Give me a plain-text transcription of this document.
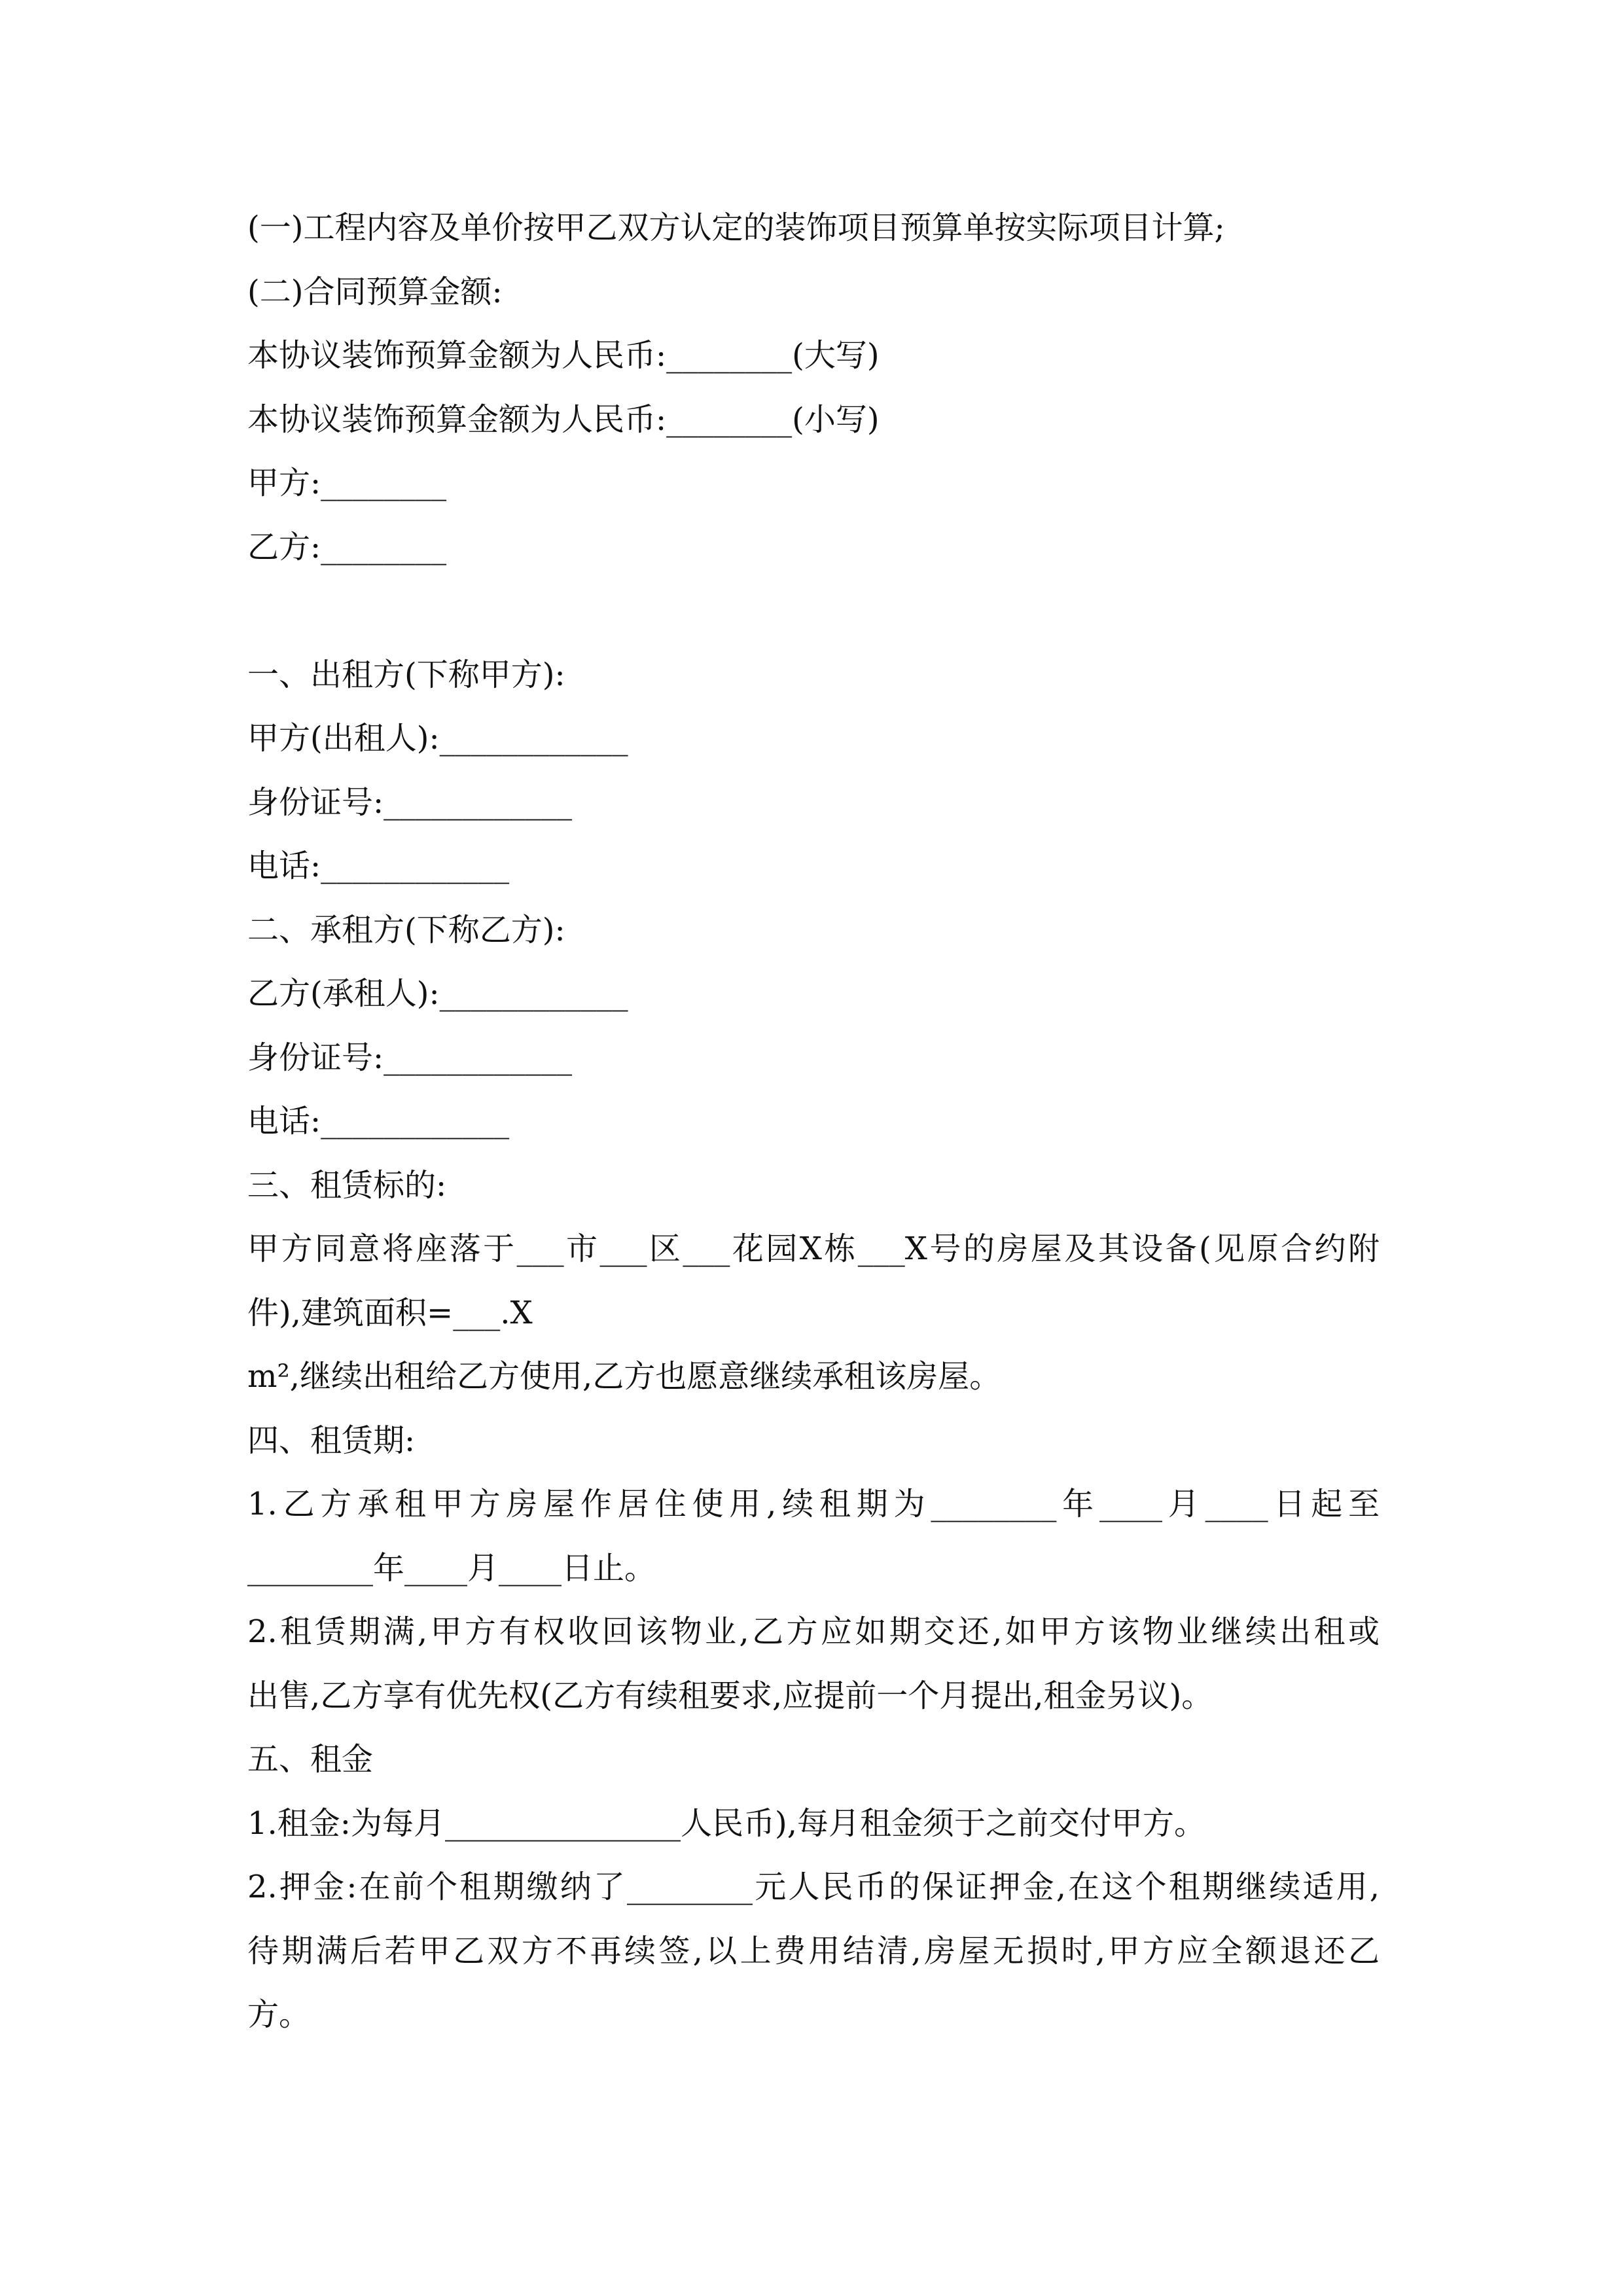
(一)工程内容及单价按甲乙双方认定的装饰项目预算单按实际项目计算;
(二)合同预算金额:
本协议装饰预算金额为人民币:________(大写)
本协议装饰预算金额为人民币:________(小写)
甲方:________
乙方:________
一、出租方(下称甲方):
甲方(出租人):____________
身份证号:____________
电话:____________
二、承租方(下称乙方):
乙方(承租人):____________
身份证号:____________
电话:____________
三、租赁标的:
甲方同意将座落于___市___区___花园X栋___X号的房屋及其设备(见原合约附
件),建筑面积=___.X
m²,继续出租给乙方使用,乙方也愿意继续承租该房屋。
四、租赁期:
1.乙方承租甲方房屋作居住使用,续租期为________年____月____日起至
________年____月____日止。
2.租赁期满,甲方有权收回该物业,乙方应如期交还,如甲方该物业继续出租或
出售,乙方享有优先权(乙方有续租要求,应提前一个月提出,租金另议)。
五、租金
1.租金:为每月_______________人民币),每月租金须于之前交付甲方。
2.押金:在前个租期缴纳了________元人民币的保证押金,在这个租期继续适用,
待期满后若甲乙双方不再续签,以上费用结清,房屋无损时,甲方应全额退还乙
方。
